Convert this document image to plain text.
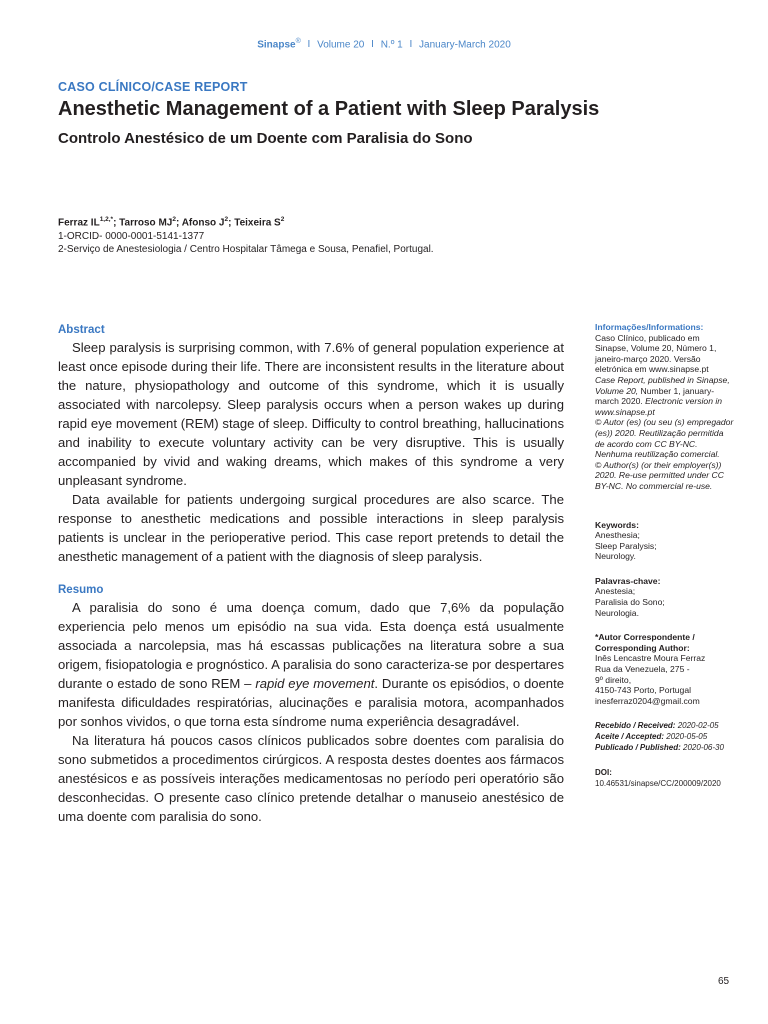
Sinapse® I Volume 20 I N.º 1 I January-March 2020
CASO CLÍNICO/CASE REPORT
Anesthetic Management of a Patient with Sleep Paralysis
Controlo Anestésico de um Doente com Paralisia do Sono
Ferraz $IL^{1,2,*}$; Tarroso $MJ^2$; Afonso $J^2$; Teixeira $S^2$
1-ORCID- 0000-0001-5141-1377
2-Serviço de Anestesiologia / Centro Hospitalar Tâmega e Sousa, Penafiel, Portugal.
Abstract

Sleep paralysis is surprising common, with 7.6% of general population experience at least once episode during their life. There are inconsistent results in the literature about the nature, physiopathology and outcome of this syndrome, which it is usually associated with narcolepsy. Sleep paralysis occurs when a person wakes up during rapid eye movement (REM) stage of sleep. Difficulty to control breathing, hallucinations and inability to execute voluntary activity can be very disruptive. This is usually accompanied by vivid and waking dreams, which makes of this syndrome a very unpleasant syndrome.

Data available for patients undergoing surgical procedures are also scarce. The response to anesthetic medications and possible interactions in sleep paralysis patients is unclear in the perioperative period. This case report pretends to detail the anesthetic management of a patient with the diagnosis of sleep paralysis.

Resumo

A paralisia do sono é uma doença comum, dado que 7,6% da população experiencia pelo menos um episódio na sua vida. Esta doença está usualmente associada a narcolepsia, mas há escassas publicações na literatura sobre a sua origem, fisiopatologia e prognóstico. A paralisia do sono caracteriza-se por despertares durante o estado de sono REM – rapid eye movement. Durante os episódios, o doente manifesta dificuldades respiratórias, alucinações e paralisia motora, acompanhados por sonhos vividos, o que torna esta síndrome numa experiência desagradável.

Na literatura há poucos casos clínicos publicados sobre doentes com paralisia do sono submetidos a procedimentos cirúrgicos. A resposta destes doentes aos fármacos anestésicos e as possíveis interações medicamentosas no período peri operatório são desconhecidas. O presente caso clínico pretende detalhar o manuseio anestésico de uma doente com paralisia do sono.

Informações/Informations:
Caso Clínico, publicado em Sinapse, Volume 20, Número 1, janeiro-março 2020. Versão eletrónica em www.sinapse.pt
Case Report, published in Sinapse, Volume 20, Number 1, january-march 2020. Electronic version in www.sinapse.pt
© Autor (es) (ou seu (s) empregador (es)) 2020. Reutilização permitida de acordo com CC BY-NC. Nenhuma reutilização comercial.
© Author(s) (or their employer(s)) 2020. Re-use permitted under CC BY-NC. No commercial re-use.
Keywords:
Anesthesia;
Sleep Paralysis;
Neurology.
Palavras-chave:
Anestesia;
Paralisia do Sono;
Neurologia.
*Autor Correspondente / Corresponding Author:
Inês Lencastre Moura Ferraz
Rua da Venezuela, 275 -
9º direito,
4150-743 Porto, Portugal
inesferraz0204@gmail.com
Recebido / Received: 2020-02-05
Aceite / Accepted: 2020-05-05
Publicado / Published: 2020-06-30
DOI: 10.46531/sinapse/CC/200009/2020
65
